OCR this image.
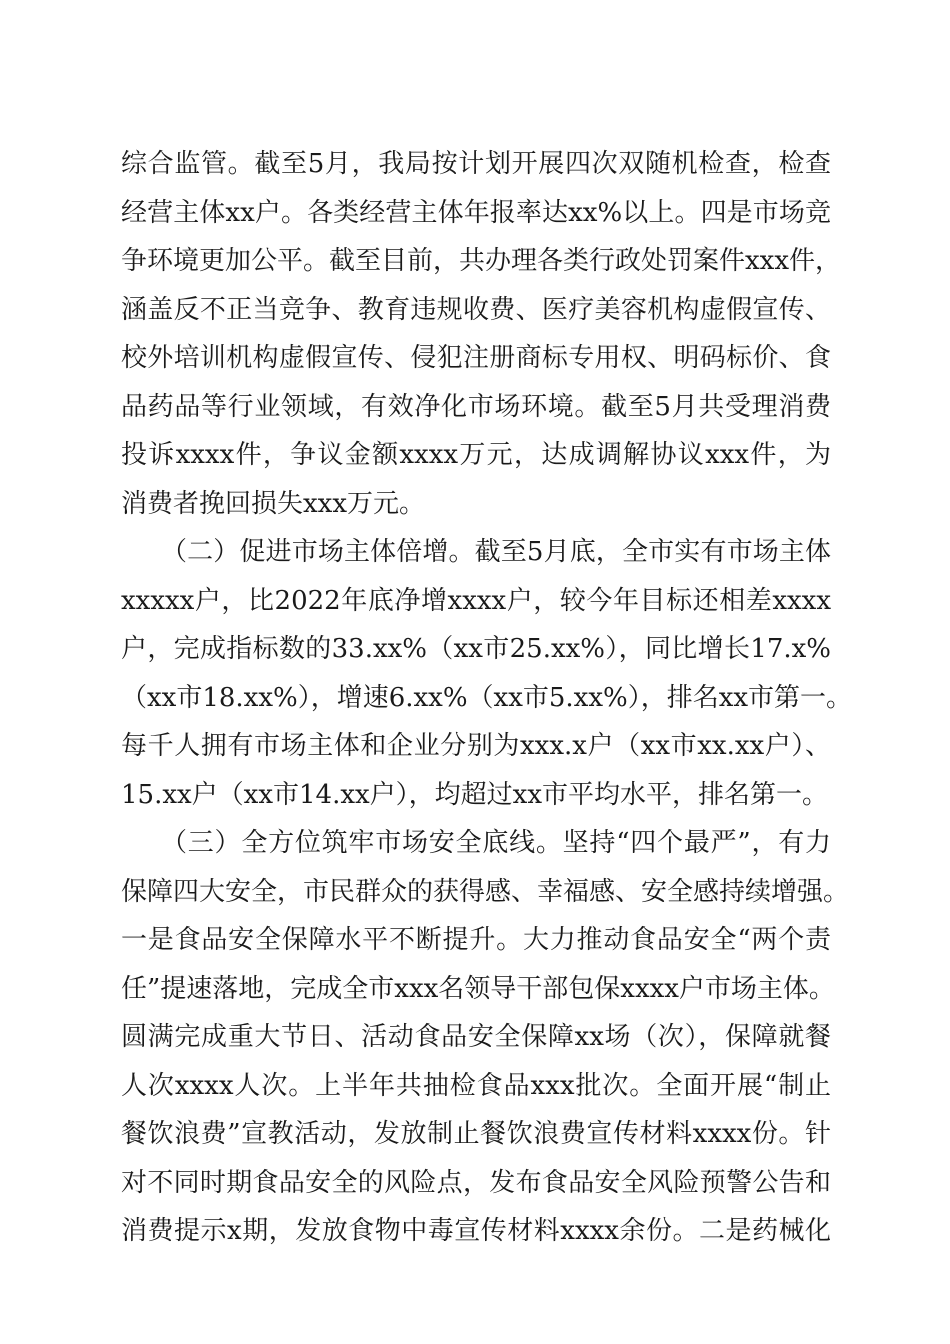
综合监管。截至5月，我局按计划开展四次双随机检查，检查
经营主体xx户。各类经营主体年报率达xx%以上。四是市场竞
争环境更加公平。截至目前，共办理各类行政处罚案件xxx件，
涵盖反不正当竞争、教育违规收费、医疗美容机构虚假宣传、
校外培训机构虚假宣传、侵犯注册商标专用权、明码标价、食
品药品等行业领域，有效净化市场环境。截至5月共受理消费
投诉xxxx件，争议金额xxxx万元，达成调解协议xxx件，为
消费者挽回损失xxx万元。
（二）促进市场主体倍增。截至5月底，全市实有市场主体
xxxxx户，比2022年底净增xxxx户，较今年目标还相差xxxx
户，完成指标数的33.xx%（xx市25.xx%），同比增长17.x%
（xx市18.xx%），增速6.xx%（xx市5.xx%），排名xx市第一。
每千人拥有市场主体和企业分别为xxx.x户（xx市xx.xx户）、
15.xx户（xx市14.xx户），均超过xx市平均水平，排名第一。
（三）全方位筑牢市场安全底线。坚持“四个最严”，有力
保障四大安全，市民群众的获得感、幸福感、安全感持续增强。
一是食品安全保障水平不断提升。大力推动食品安全“两个责
任”提速落地，完成全市xxx名领导干部包保xxxx户市场主体。
圆满完成重大节日、活动食品安全保障xx场（次），保障就餐
人次xxxx人次。上半年共抽检食品xxx批次。全面开展“制止
餐饮浪费”宣教活动，发放制止餐饮浪费宣传材料xxxx份。针
对不同时期食品安全的风险点，发布食品安全风险预警公告和
消费提示x期，发放食物中毒宣传材料xxxx余份。二是药械化
